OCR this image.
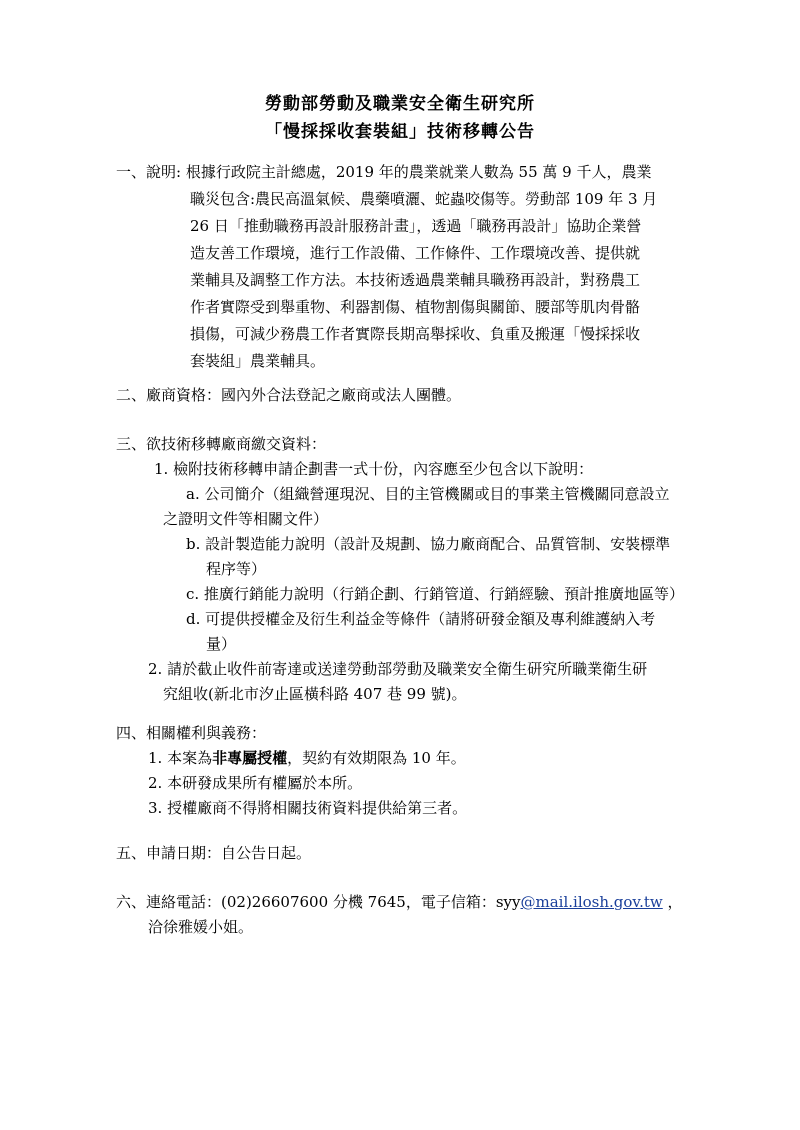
勞動部勞動及職業安全衛生研究所
「慢採採收套裝組」技術移轉公告
一、說明: 根據行政院主計總處，2019 年的農業就業人數為 55 萬 9 千人，農業
職災包含:農民高溫氣候、農藥噴灑、蛇蟲咬傷等。勞動部 109 年 3 月
26 日「推動職務再設計服務計畫」，透過「職務再設計」協助企業營
造友善工作環境，進行工作設備、工作條件、工作環境改善、提供就
業輔具及調整工作方法。本技術透過農業輔具職務再設計，對務農工
作者實際受到舉重物、利器割傷、植物割傷與關節、腰部等肌肉骨骼
損傷，可減少務農工作者實際長期高舉採收、負重及搬運「慢採採收
套裝組」農業輔具。
二、廠商資格：國內外合法登記之廠商或法人團體。
三、欲技術移轉廠商繳交資料：
1. 檢附技術移轉申請企劃書一式十份，內容應至少包含以下說明：
a. 公司簡介（組織營運現況、目的主管機關或目的事業主管機關同意設立
之證明文件等相關文件）
b. 設計製造能力說明（設計及規劃、協力廠商配合、品質管制、安裝標準
程序等）
c. 推廣行銷能力說明（行銷企劃、行銷管道、行銷經驗、預計推廣地區等）
d. 可提供授權金及衍生利益金等條件（請將研發金額及專利維護納入考
量）
2. 請於截止收件前寄達或送達勞動部勞動及職業安全衛生研究所職業衛生研
究組收(新北市汐止區橫科路 407 巷 99 號)。
四、相關權利與義務：
1. 本案為非專屬授權，契約有效期限為 10 年。
2. 本研發成果所有權屬於本所。
3. 授權廠商不得將相關技術資料提供給第三者。
五、申請日期：自公告日起。
六、連絡電話：(02)26607600 分機 7645，電子信箱：syy@mail.ilosh.gov.tw ，
洽徐雅媛小姐。
